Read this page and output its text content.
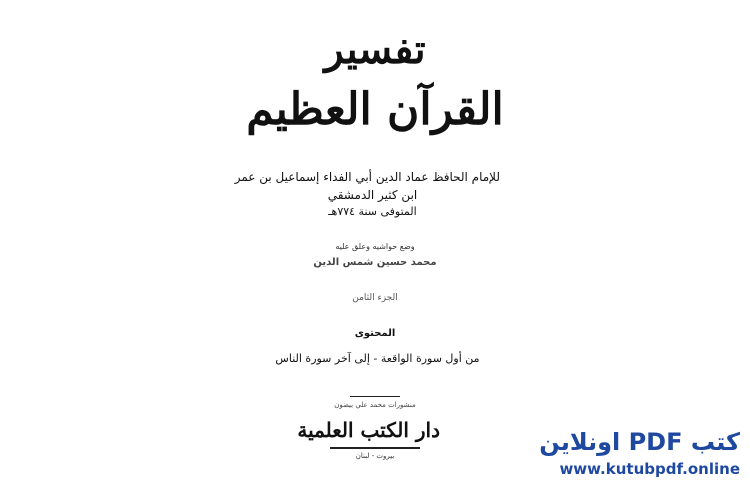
تفسير
القرآن العظيم
للإمام الحافظ عماد الدين أبي الفداء إسماعيل بن عمر
ابن كثير الدمشقي
المتوفى سنة ٧٧٤هـ
وضع حواشيه وعلق عليه
محمد حسين شمس الدين
الجزء الثامن
المحتوى
من أول سورة الواقعة - إلى آخر سورة الناس
منشورات محمد علي بيضون
دار الكتب العلمية
بيروت - لبنان	كتب PDF اونلاين
www.kutubpdf.online
